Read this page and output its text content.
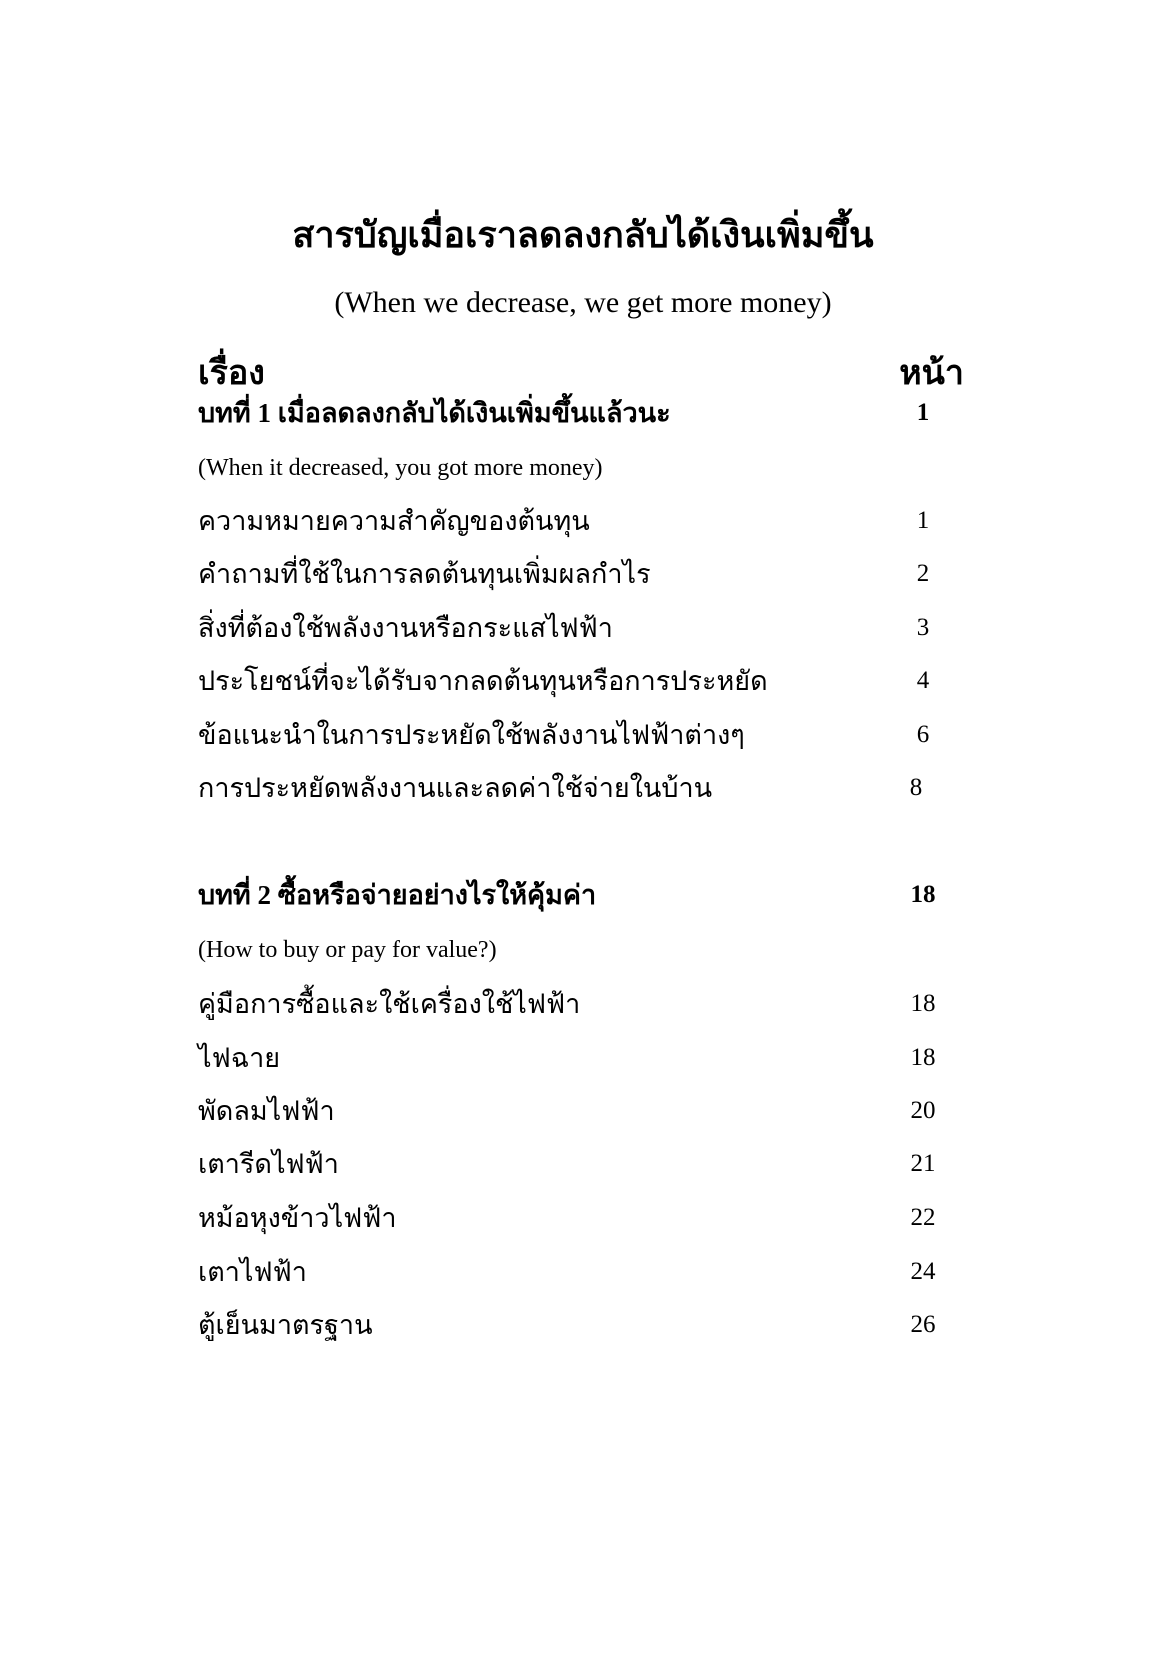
สารบัญเมื่อเราลดลงกลับได้เงินเพิ่มขึ้น
(When we decrease, we get more money)
เรื่อง	หน้า
บทที่ 1 เมื่อลดลงกลับได้เงินเพิ่มขึ้นแล้วนะ	1
(When it decreased, you got more money)
ความหมายความสำคัญของต้นทุน	1
คำถามที่ใช้ในการลดต้นทุนเพิ่มผลกำไร	2
สิ่งที่ต้องใช้พลังงานหรือกระแสไฟฟ้า	3
ประโยชน์ที่จะได้รับจากลดต้นทุนหรือการประหยัด	4
ข้อแนะนำในการประหยัดใช้พลังงานไฟฟ้าต่างๆ	6
การประหยัดพลังงานและลดค่าใช้จ่ายในบ้าน	8
บทที่ 2 ซื้อหรือจ่ายอย่างไรให้คุ้มค่า	18
(How to buy or pay for value?)
คู่มือการซื้อและใช้เครื่องใช้ไฟฟ้า	18
ไฟฉาย	18
พัดลมไฟฟ้า	20
เตารีดไฟฟ้า	21
หม้อหุงข้าวไฟฟ้า	22
เตาไฟฟ้า	24
ตู้เย็นมาตรฐาน	26
